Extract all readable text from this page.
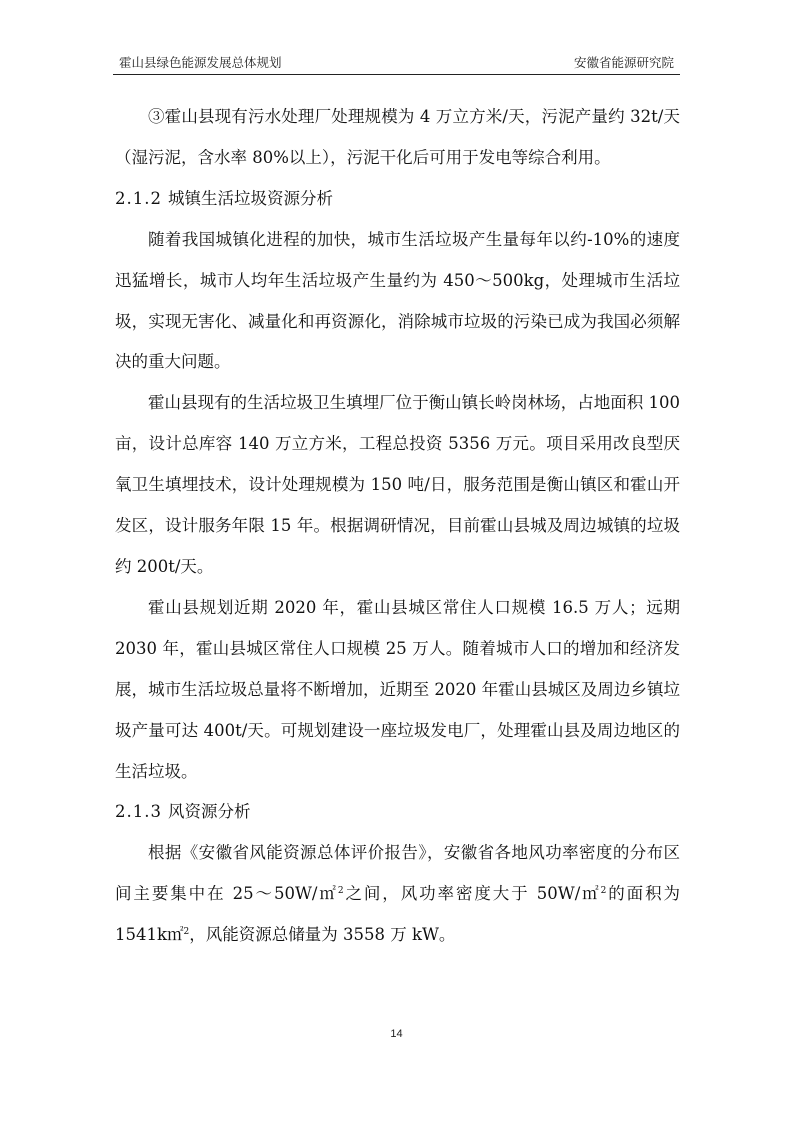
霍山县绿色能源发展总体规划	安徽省能源研究院

③霍山县现有污水处理厂处理规模为 4 万立方米/天，污泥产量约 32t/天（湿污泥，含水率 80%以上），污泥干化后可用于发电等综合利用。

2.1.2 城镇生活垃圾资源分析

随着我国城镇化进程的加快，城市生活垃圾产生量每年以约-10%的速度迅猛增长，城市人均年生活垃圾产生量约为 450～500kg，处理城市生活垃圾，实现无害化、减量化和再资源化，消除城市垃圾的污染已成为我国必须解决的重大问题。

霍山县现有的生活垃圾卫生填埋厂位于衡山镇长岭岗林场，占地面积 100 亩，设计总库容 140 万立方米，工程总投资 5356 万元。项目采用改良型厌氧卫生填埋技术，设计处理规模为 150 吨/日，服务范围是衡山镇区和霍山开发区，设计服务年限 15 年。根据调研情况，目前霍山县城及周边城镇的垃圾约 200t/天。

霍山县规划近期 2020 年，霍山县城区常住人口规模 16.5 万人；远期 2030 年，霍山县城区常住人口规模 25 万人。随着城市人口的增加和经济发展，城市生活垃圾总量将不断增加，近期至 2020 年霍山县城区及周边乡镇垃圾产量可达 400t/天。可规划建设一座垃圾发电厂，处理霍山县及周边地区的生活垃圾。

2.1.3 风资源分析

根据《安徽省风能资源总体评价报告》，安徽省各地风功率密度的分布区间主要集中在 25～50W/㎡$^2$之间，风功率密度大于 50W/㎡$^2$的面积为 1541k㎡$^2$，风能资源总储量为 3558 万 kW。

14
